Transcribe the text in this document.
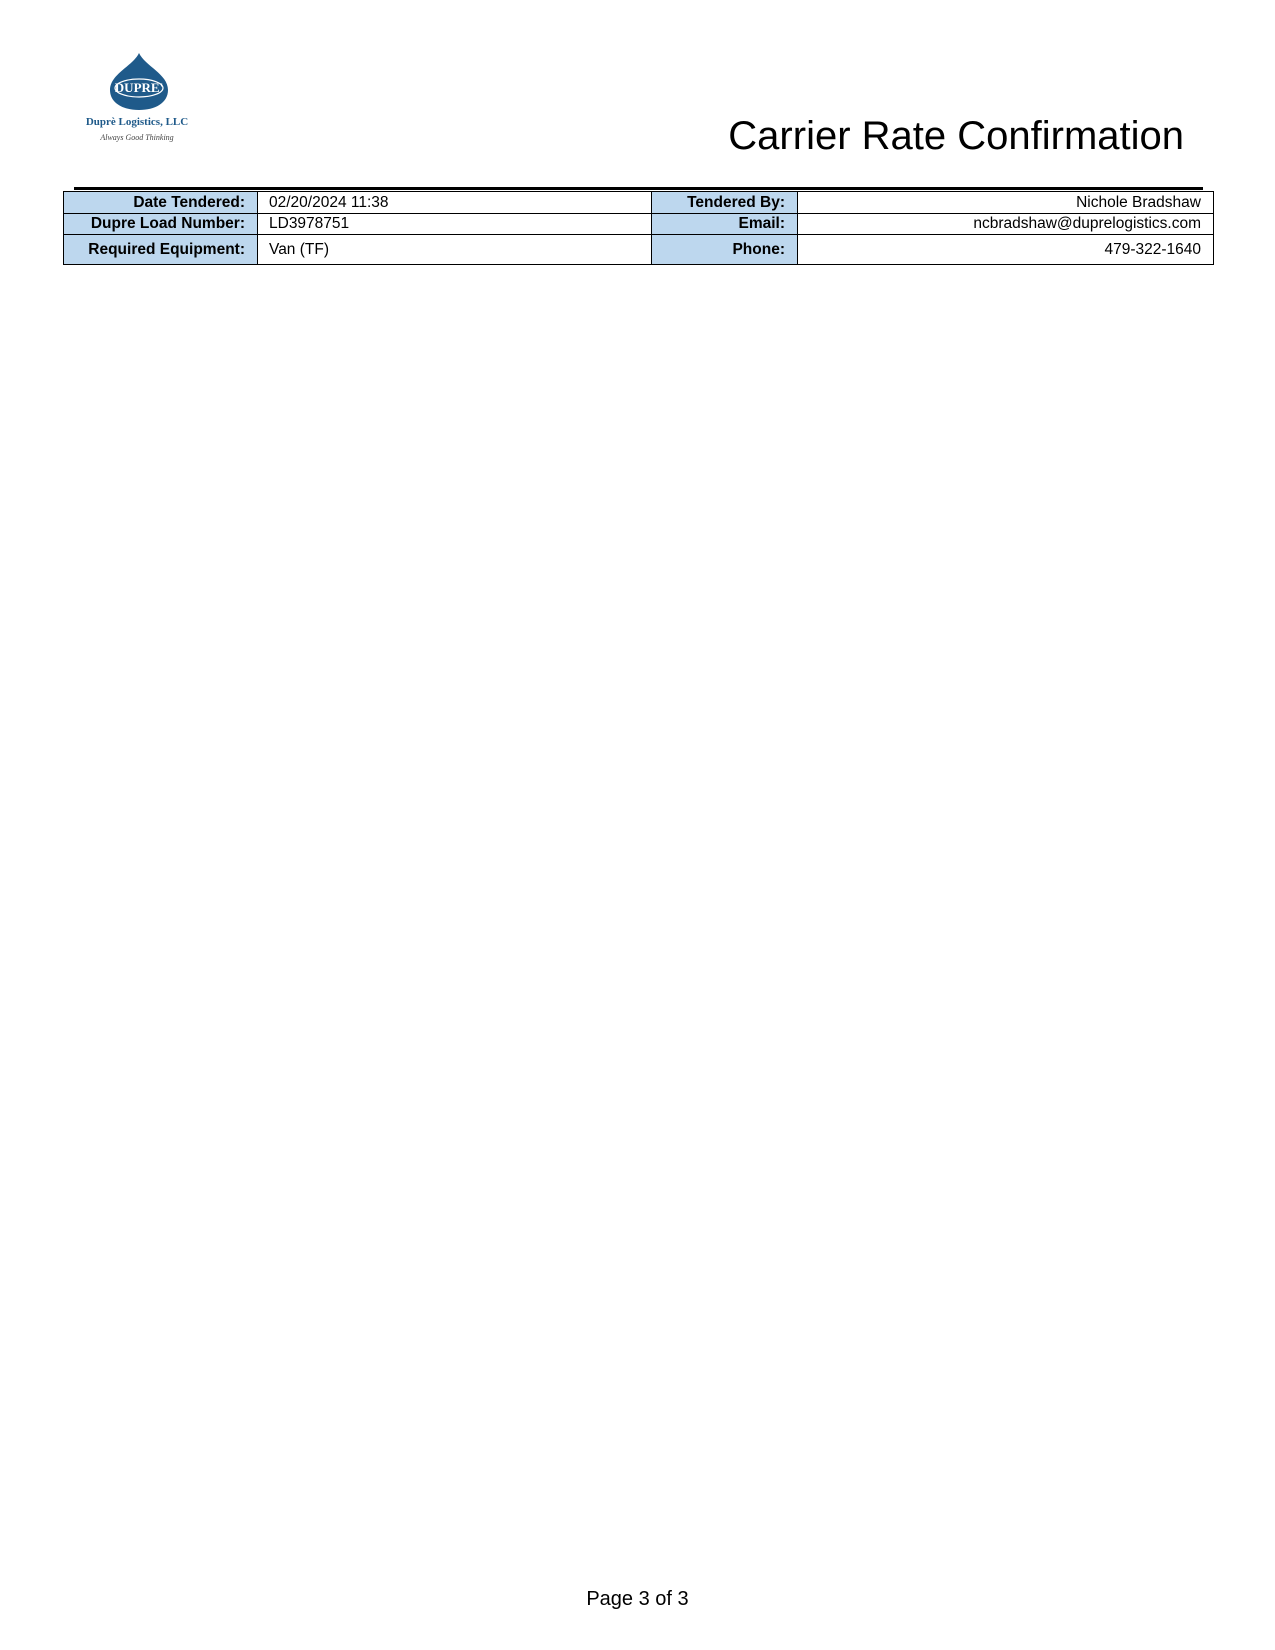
DUPRE'
Duprè Logistics, LLC
Always Good Thinking	Carrier Rate Confirmation
Date Tendered:	02/20/2024 11:38	Tendered By:	Nichole Bradshaw
Dupre Load Number:	LD3978751	Email:	ncbradshaw@duprelogistics.com
Required Equipment:	Van (TF)	Phone:	479-322-1640
Page 3 of 3
